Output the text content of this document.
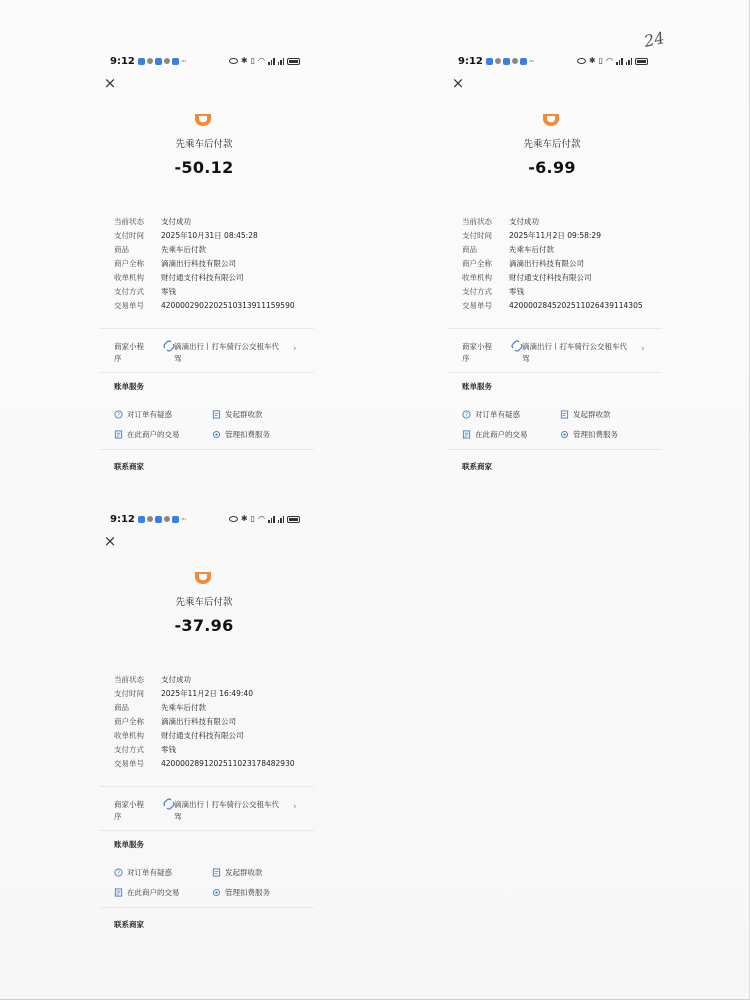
24
9:12	···	✱ ▯ ◠
×
先乘车后付款
-50.12
当前状态	支付成功
支付时间	2025年10月31日 08:45:28
商品	先乘车后付款
商户全称	滴滴出行科技有限公司
收单机构	财付通支付科技有限公司
支付方式	零钱
交易单号	4200002902202510313911159590
商家小程序
滴滴出行丨打车骑行公交租车代驾
›
账单服务
? 对订单有疑惑	发起群收款
在此商户的交易	管理扣费服务
联系商家
9:12	···	✱ ▯ ◠
×
先乘车后付款
-6.99
当前状态	支付成功
支付时间	2025年11月2日 09:58:29
商品	先乘车后付款
商户全称	滴滴出行科技有限公司
收单机构	财付通支付科技有限公司
支付方式	零钱
交易单号	4200002845202511026439114305
商家小程序
滴滴出行丨打车骑行公交租车代驾
›
账单服务
? 对订单有疑惑	发起群收款
在此商户的交易	管理扣费服务
联系商家
9:12	···	✱ ▯ ◠
×
先乘车后付款
-37.96
当前状态	支付成功
支付时间	2025年11月2日 16:49:40
商品	先乘车后付款
商户全称	滴滴出行科技有限公司
收单机构	财付通支付科技有限公司
支付方式	零钱
交易单号	4200002891202511023178482930
商家小程序
滴滴出行丨打车骑行公交租车代驾
›
账单服务
? 对订单有疑惑	发起群收款
在此商户的交易	管理扣费服务
联系商家
